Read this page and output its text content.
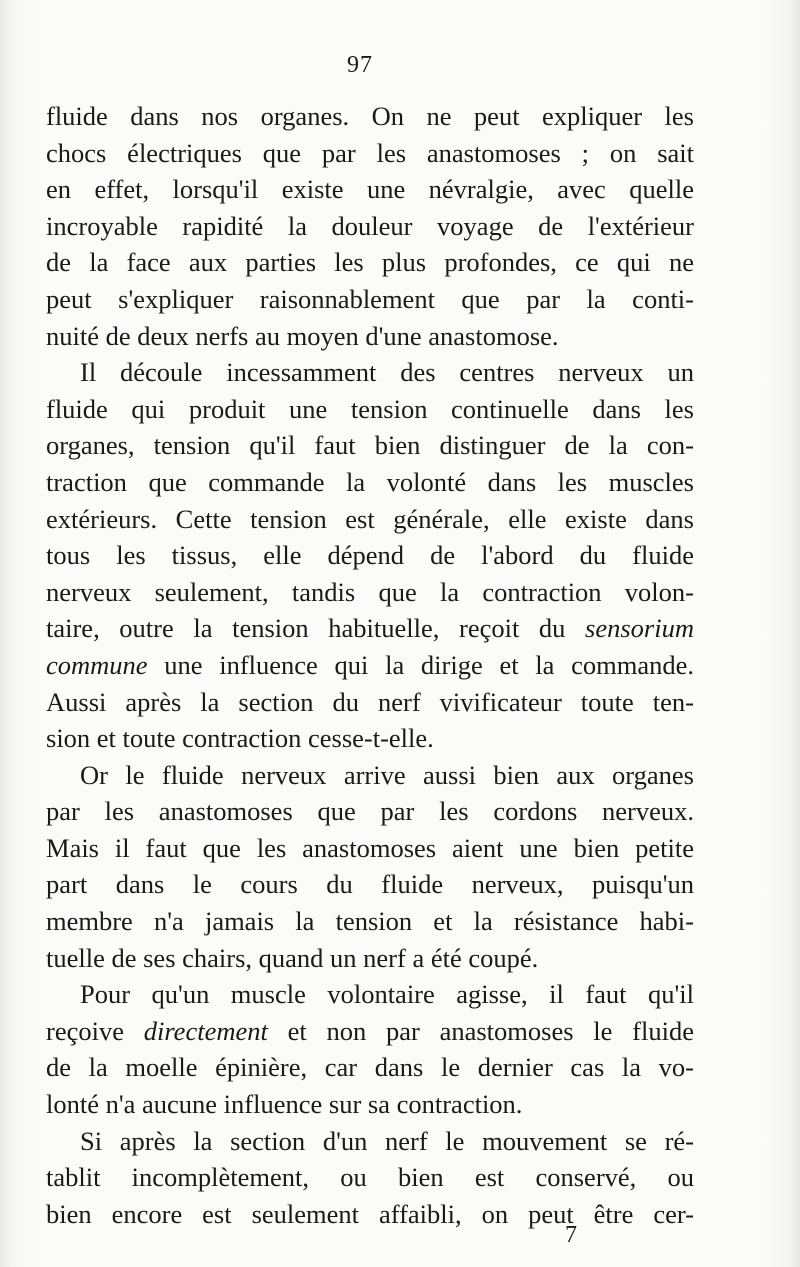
97
fluide dans nos organes. On ne peut expliquer les
chocs électriques que par les anastomoses ; on sait
en effet, lorsqu'il existe une névralgie, avec quelle
incroyable rapidité la douleur voyage de l'extérieur
de la face aux parties les plus profondes, ce qui ne
peut s'expliquer raisonnablement que par la conti-
nuité de deux nerfs au moyen d'une anastomose.
Il découle incessamment des centres nerveux un
fluide qui produit une tension continuelle dans les
organes, tension qu'il faut bien distinguer de la con-
traction que commande la volonté dans les muscles
extérieurs. Cette tension est générale, elle existe dans
tous les tissus, elle dépend de l'abord du fluide
nerveux seulement, tandis que la contraction volon-
taire, outre la tension habituelle, reçoit du sensorium
commune une influence qui la dirige et la commande.
Aussi après la section du nerf vivificateur toute ten-
sion et toute contraction cesse-t-elle.
Or le fluide nerveux arrive aussi bien aux organes
par les anastomoses que par les cordons nerveux.
Mais il faut que les anastomoses aient une bien petite
part dans le cours du fluide nerveux, puisqu'un
membre n'a jamais la tension et la résistance habi-
tuelle de ses chairs, quand un nerf a été coupé.
Pour qu'un muscle volontaire agisse, il faut qu'il
reçoive directement et non par anastomoses le fluide
de la moelle épinière, car dans le dernier cas la vo-
lonté n'a aucune influence sur sa contraction.
Si après la section d'un nerf le mouvement se ré-
tablit incomplètement, ou bien est conservé, ou
bien encore est seulement affaibli, on peut être cer-
7
